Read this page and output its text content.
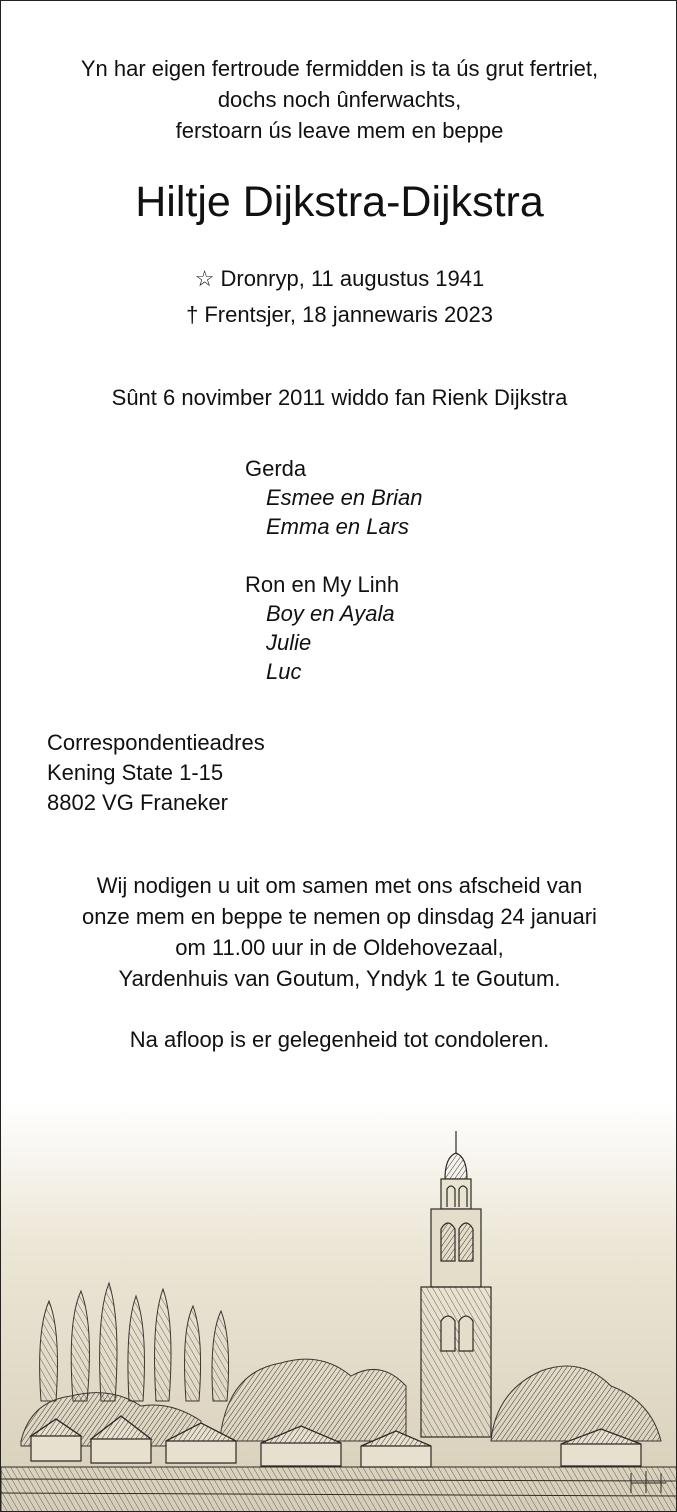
Yn har eigen fertroude fermidden is ta ús grut fertriet,
dochs noch ûnferwachts,
ferstoarn ús leave mem en beppe
Hiltje Dijkstra-Dijkstra
☆ Dronryp, 11 augustus 1941
† Frentsjer, 18 jannewaris 2023
Sûnt 6 novimber 2011 widdo fan Rienk Dijkstra
Gerda
Esmee en Brian
Emma en Lars
Ron en My Linh
Boy en Ayala
Julie
Luc
Correspondentieadres
Kening State 1-15
8802 VG Franeker
Wij nodigen u uit om samen met ons afscheid van
onze mem en beppe te nemen op dinsdag 24 januari
om 11.00 uur in de Oldehovezaal,
Yardenhuis van Goutum, Yndyk 1 te Goutum.
Na afloop is er gelegenheid tot condoleren.
